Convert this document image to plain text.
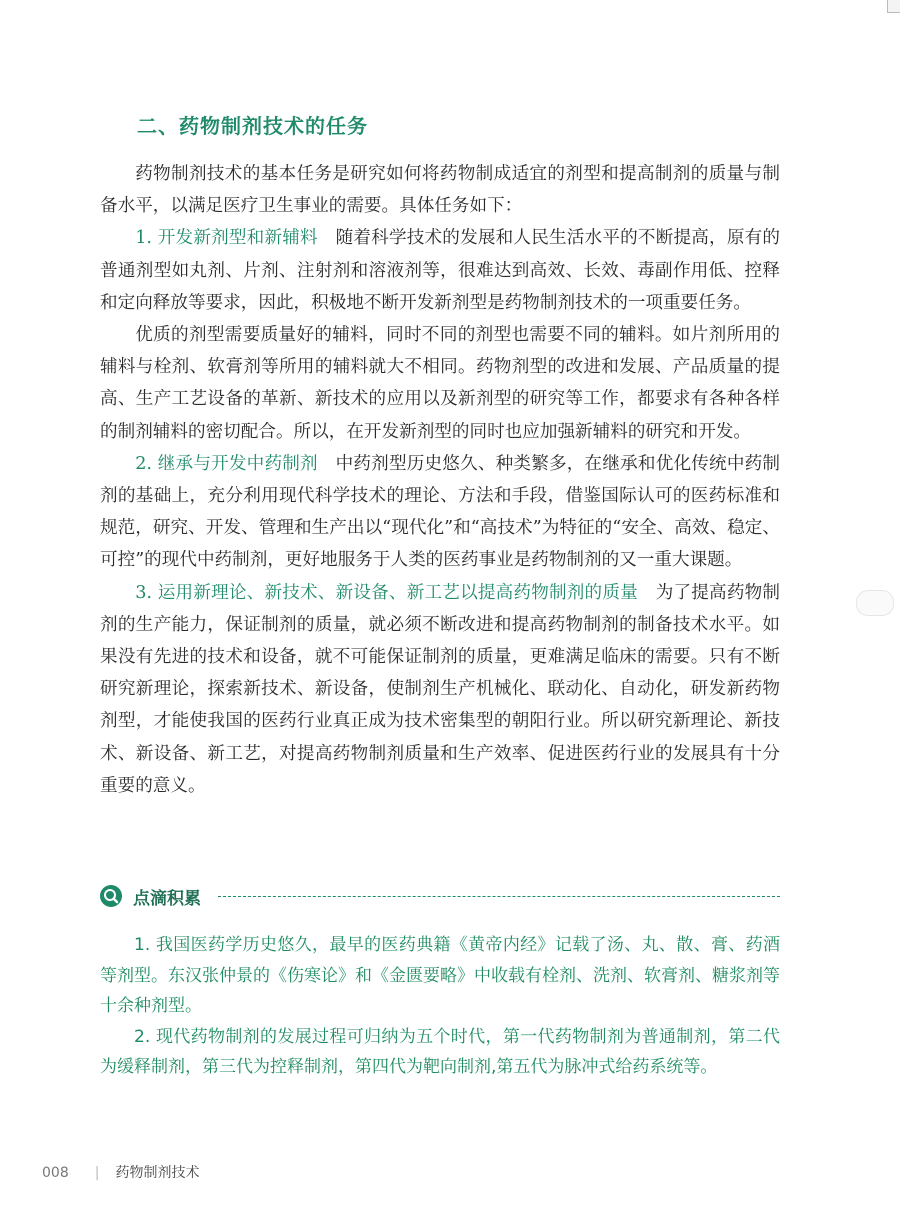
二、药物制剂技术的任务

药物制剂技术的基本任务是研究如何将药物制成适宜的剂型和提高制剂的质量与制备水平，以满足医疗卫生事业的需要。具体任务如下：

1. 开发新剂型和新辅料  随着科学技术的发展和人民生活水平的不断提高，原有的普通剂型如丸剂、片剂、注射剂和溶液剂等，很难达到高效、长效、毒副作用低、控释和定向释放等要求，因此，积极地不断开发新剂型是药物制剂技术的一项重要任务。

优质的剂型需要质量好的辅料，同时不同的剂型也需要不同的辅料。如片剂所用的辅料与栓剂、软膏剂等所用的辅料就大不相同。药物剂型的改进和发展、产品质量的提高、生产工艺设备的革新、新技术的应用以及新剂型的研究等工作，都要求有各种各样的制剂辅料的密切配合。所以，在开发新剂型的同时也应加强新辅料的研究和开发。

2. 继承与开发中药制剂  中药剂型历史悠久、种类繁多，在继承和优化传统中药制剂的基础上，充分利用现代科学技术的理论、方法和手段，借鉴国际认可的医药标准和规范，研究、开发、管理和生产出以“现代化”和“高技术”为特征的“安全、高效、稳定、可控”的现代中药制剂，更好地服务于人类的医药事业是药物制剂的又一重大课题。

3. 运用新理论、新技术、新设备、新工艺以提高药物制剂的质量  为了提高药物制剂的生产能力，保证制剂的质量，就必须不断改进和提高药物制剂的制备技术水平。如果没有先进的技术和设备，就不可能保证制剂的质量，更难满足临床的需要。只有不断研究新理论，探索新技术、新设备，使制剂生产机械化、联动化、自动化，研发新药物剂型，才能使我国的医药行业真正成为技术密集型的朝阳行业。所以研究新理论、新技术、新设备、新工艺，对提高药物制剂质量和生产效率、促进医药行业的发展具有十分重要的意义。

点滴积累

1. 我国医药学历史悠久，最早的医药典籍《黄帝内经》记载了汤、丸、散、膏、药酒等剂型。东汉张仲景的《伤寒论》和《金匮要略》中收载有栓剂、洗剂、软膏剂、糖浆剂等十余种剂型。

2. 现代药物制剂的发展过程可归纳为五个时代，第一代药物制剂为普通制剂，第二代为缓释制剂，第三代为控释制剂，第四代为靶向制剂,第五代为脉冲式给药系统等。

008 | 药物制剂技术
